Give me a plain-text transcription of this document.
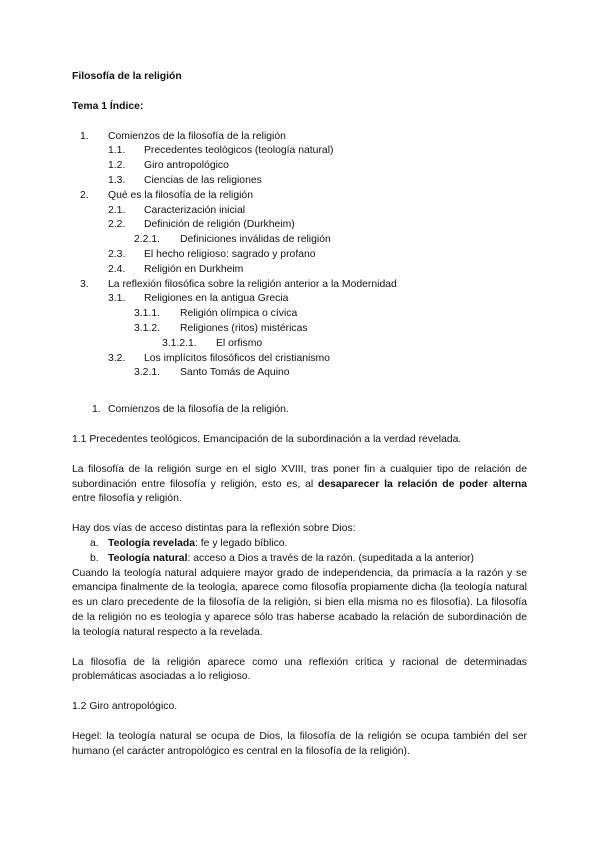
Filosofía de la religión

Tema 1 Índice:

1. Comienzos de la filosofía de la religión
1.1. Precedentes teológicos (teología natural)
1.2. Giro antropológico
1.3. Ciencias de las religiones
2. Qué es la filosofía de la religión
2.1. Caracterización inicial
2.2. Definición de religión (Durkheim)
2.2.1. Definiciones inválidas de religión
2.3. El hecho religioso: sagrado y profano
2.4. Religión en Durkheim
3. La reflexión filosófica sobre la religión anterior a la Modernidad
3.1. Religiones en la antigua Grecia
3.1.1. Religión olímpica o cívica
3.1.2. Religiones (ritos) mistéricas
3.1.2.1. El orfismo
3.2. Los implícitos filosóficos del cristianismo
3.2.1. Santo Tomás de Aquino
1. Comienzos de la filosofía de la religión.

1.1 Precedentes teológicos. Emancipación de la subordinación a la verdad revelada.

La filosofía de la religión surge en el siglo XVIII, tras poner fin a cualquier tipo de relación de subordinación entre filosofía y religión, esto es, al desaparecer la relación de poder alterna entre filosofía y religión.

Hay dos vías de acceso distintas para la reflexión sobre Dios:

a. Teología revelada: fe y legado bíblico.
b. Teología natural: acceso a Dios a través de la razón. (supeditada a la anterior)

Cuando la teología natural adquiere mayor grado de independencia, da primacía a la razón y se emancipa finalmente de la teología, aparece como filosofía propiamente dicha (la teología natural es un claro precedente de la filosofía de la religión, si bien ella misma no es filosofía). La filosofía de la religión no es teología y aparece sólo tras haberse acabado la relación de subordinación de la teología natural respecto a la revelada.

La filosofía de la religión aparece como una reflexión crítica y racional de determinadas problemáticas asociadas a lo religioso.

1.2 Giro antropológico.

Hegel: la teología natural se ocupa de Dios, la filosofía de la religión se ocupa también del ser humano (el carácter antropológico es central en la filosofía de la religión).
